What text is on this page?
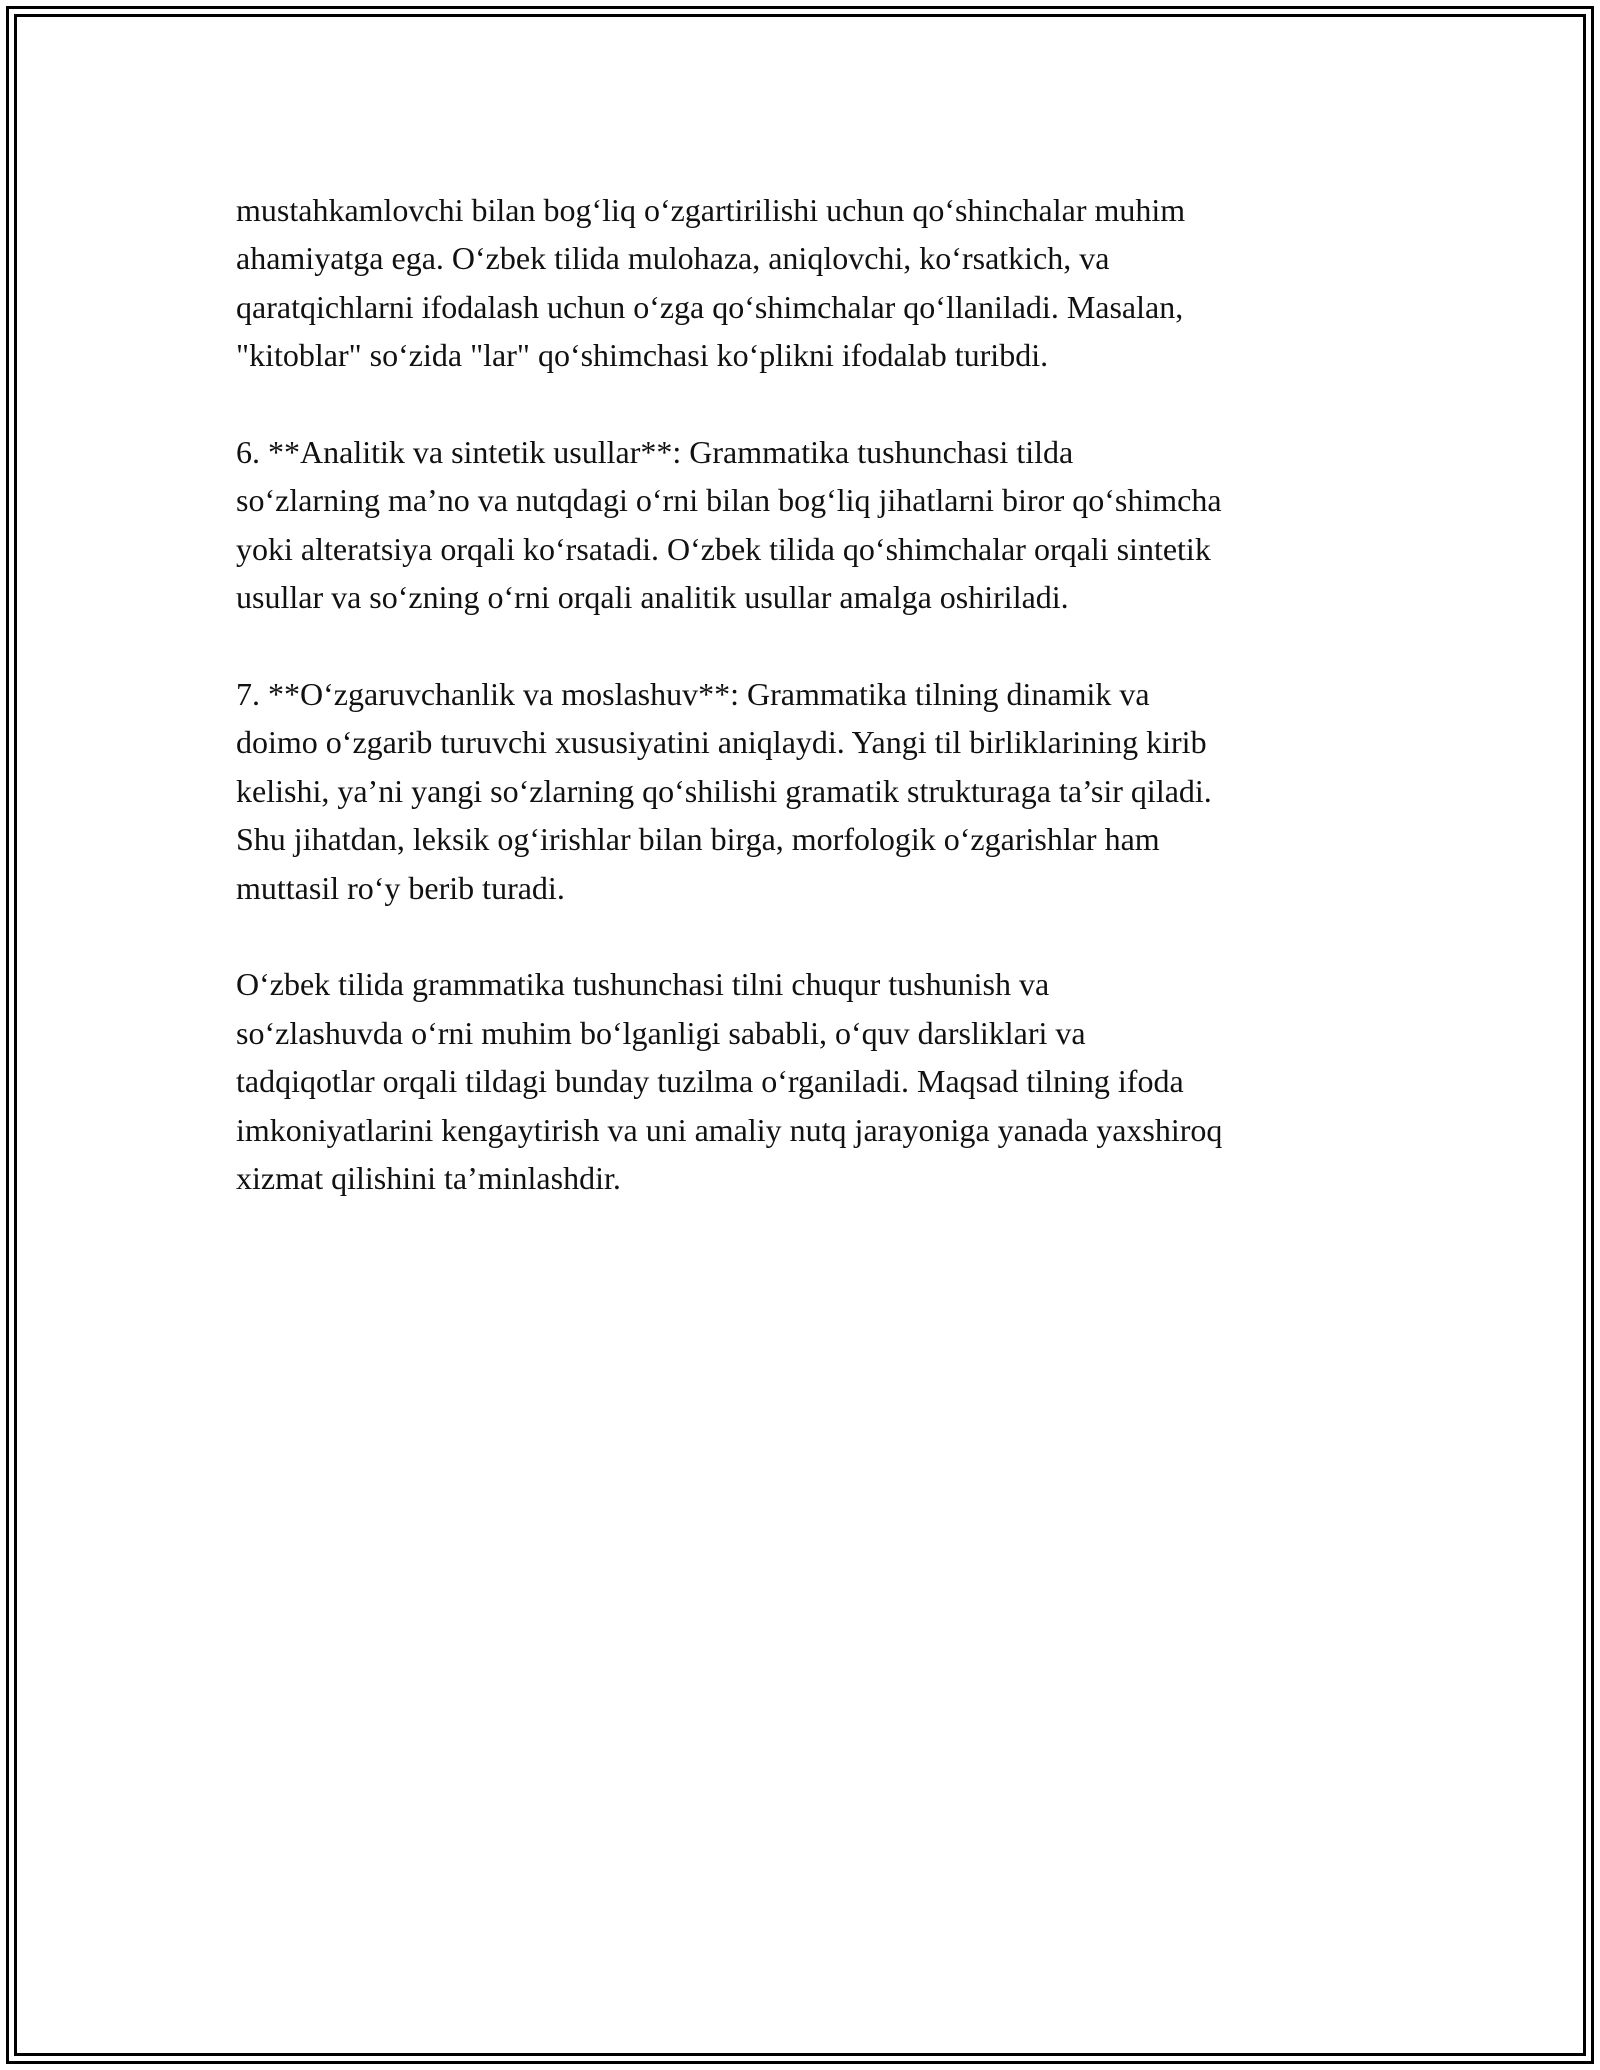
mustahkamlovchi bilan bog‘liq o‘zgartirilishi uchun qo‘shinchalar muhim
ahamiyatga ega. O‘zbek tilida mulohaza, aniqlovchi, ko‘rsatkich, va
qaratqichlarni ifodalash uchun o‘zga qo‘shimchalar qo‘llaniladi. Masalan,
"kitoblar" so‘zida "lar" qo‘shimchasi ko‘plikni ifodalab turibdi.

6. **Analitik va sintetik usullar**: Grammatika tushunchasi tilda
so‘zlarning ma’no va nutqdagi o‘rni bilan bog‘liq jihatlarni biror qo‘shimcha
yoki alteratsiya orqali ko‘rsatadi. O‘zbek tilida qo‘shimchalar orqali sintetik
usullar va so‘zning o‘rni orqali analitik usullar amalga oshiriladi.

7. **O‘zgaruvchanlik va moslashuv**: Grammatika tilning dinamik va
doimo o‘zgarib turuvchi xususiyatini aniqlaydi. Yangi til birliklarining kirib
kelishi, ya’ni yangi so‘zlarning qo‘shilishi gramatik strukturaga ta’sir qiladi.
Shu jihatdan, leksik og‘irishlar bilan birga, morfologik o‘zgarishlar ham
muttasil ro‘y berib turadi.

O‘zbek tilida grammatika tushunchasi tilni chuqur tushunish va
so‘zlashuvda o‘rni muhim bo‘lganligi sababli, o‘quv darsliklari va
tadqiqotlar orqali tildagi bunday tuzilma o‘rganiladi. Maqsad tilning ifoda
imkoniyatlarini kengaytirish va uni amaliy nutq jarayoniga yanada yaxshiroq
xizmat qilishini ta’minlashdir.
